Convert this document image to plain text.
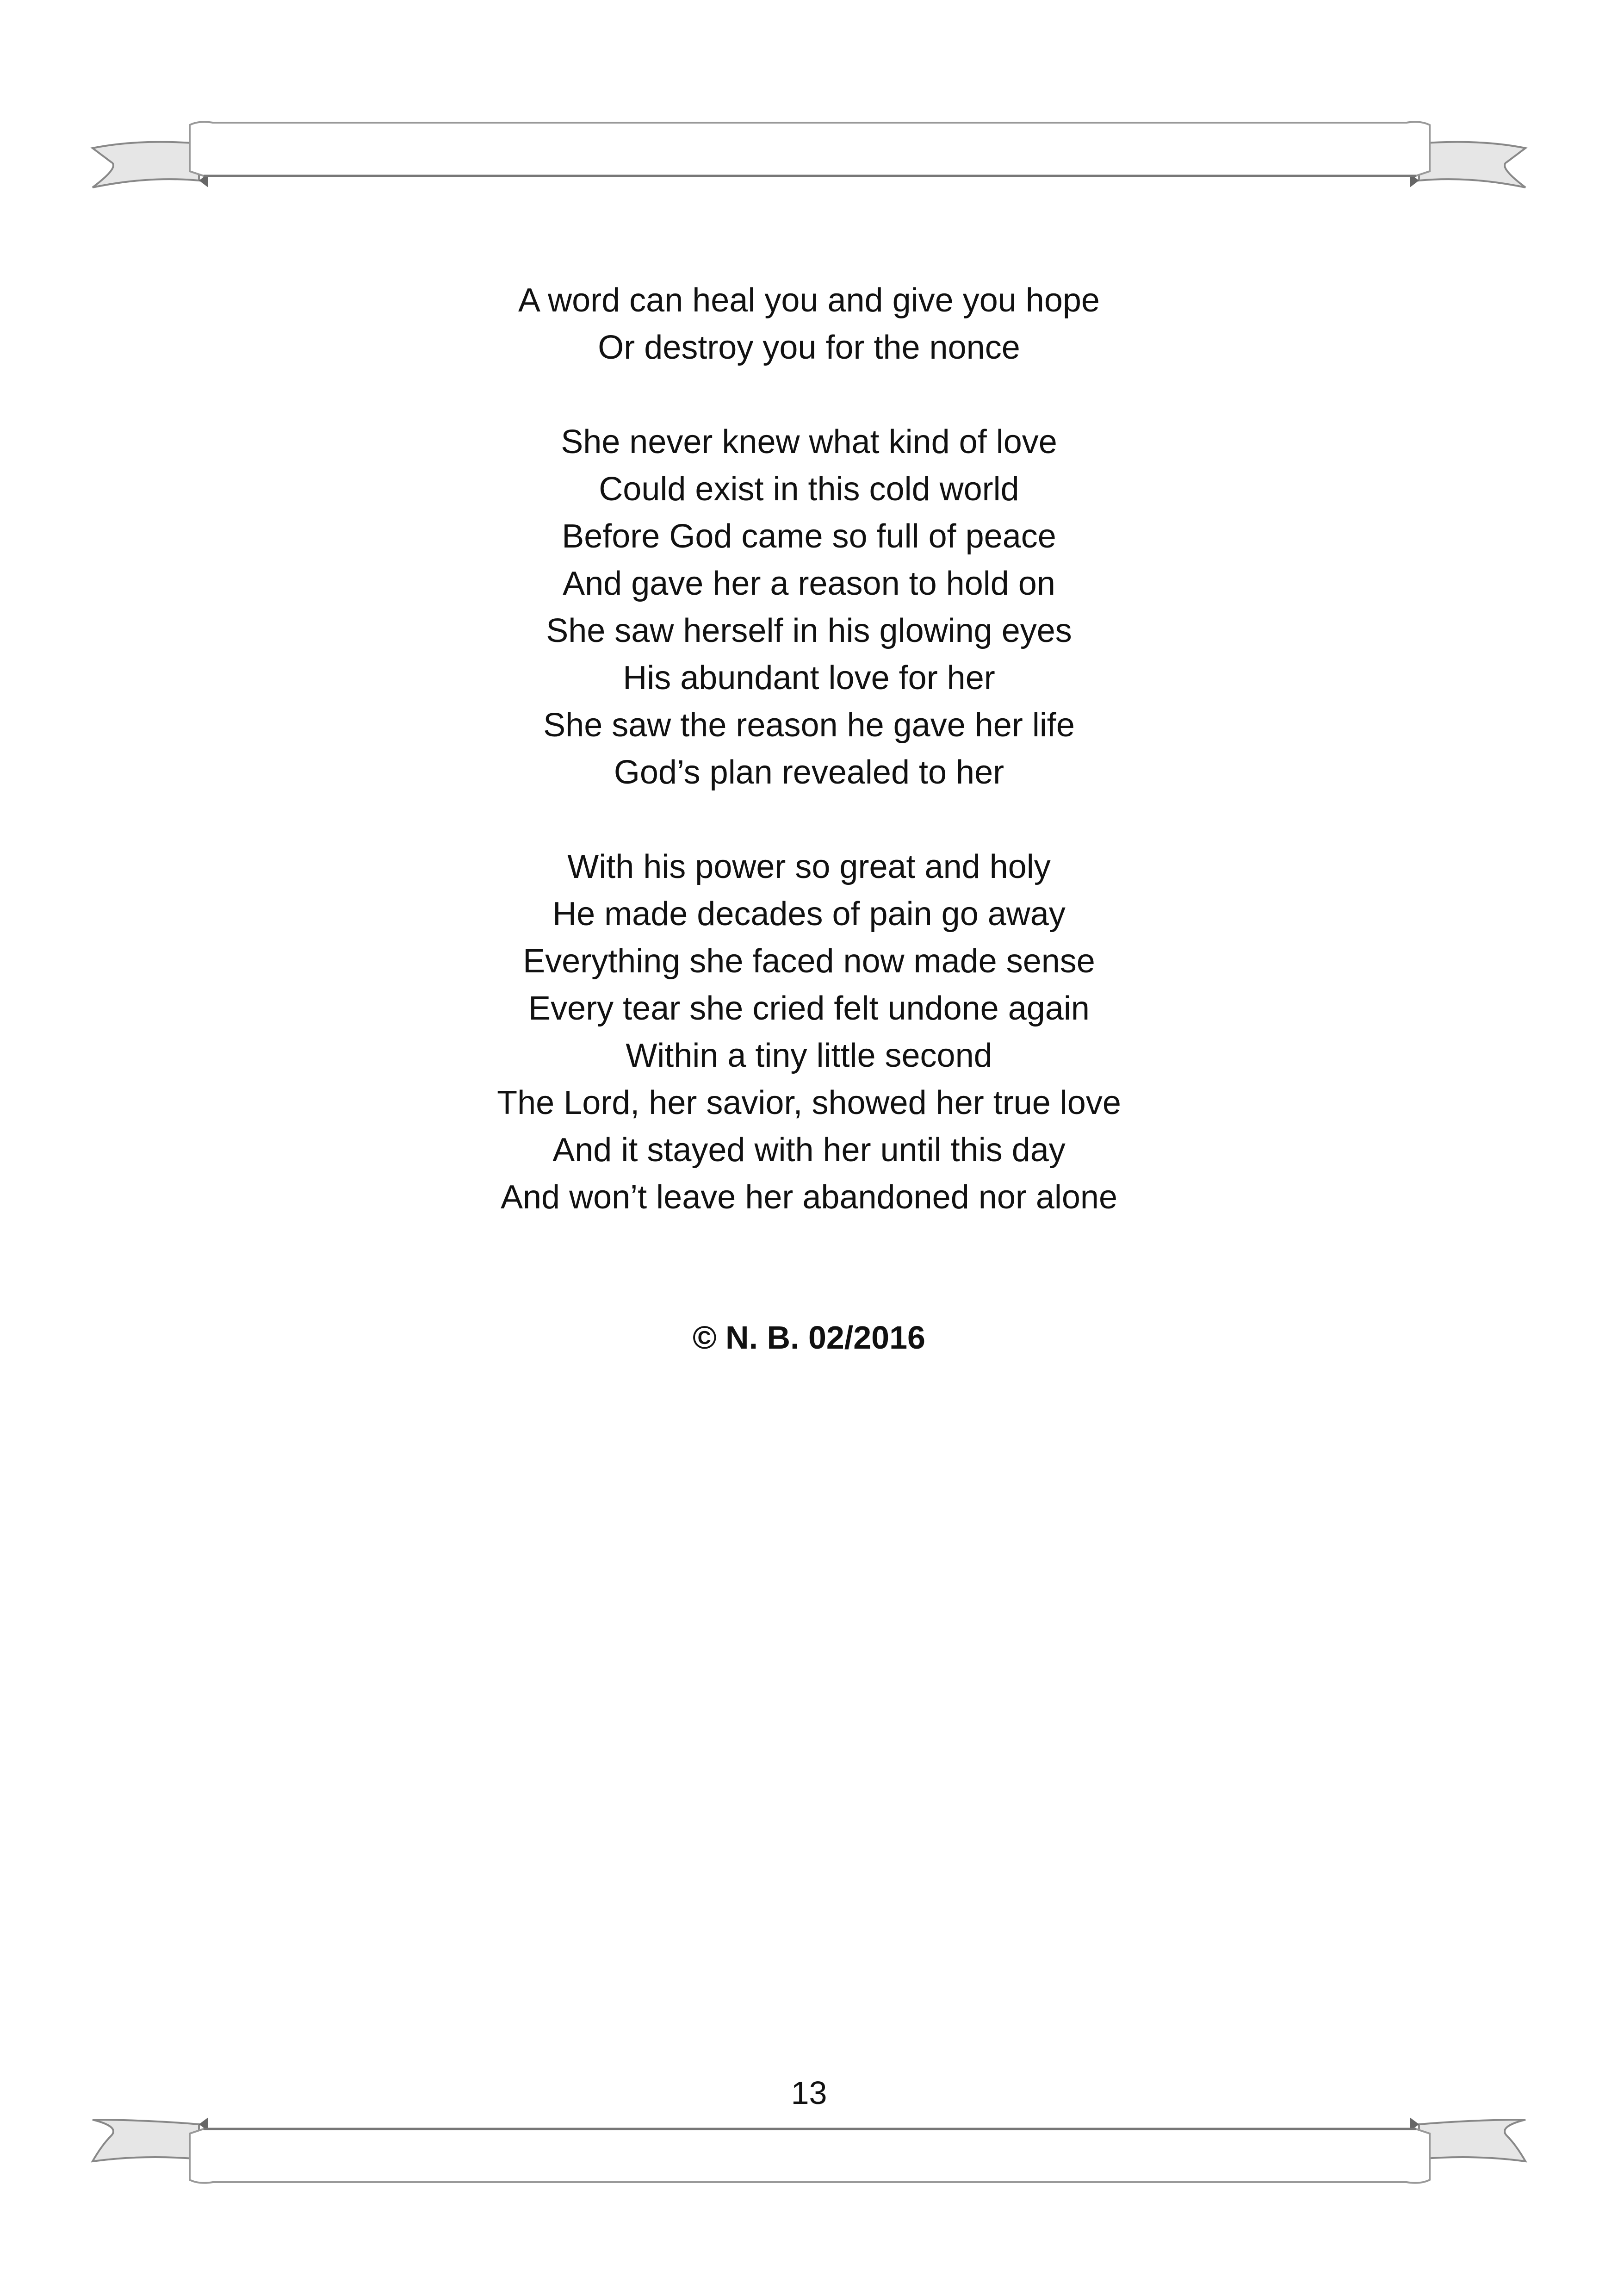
A word can heal you and give you hope
Or destroy you for the nonce
She never knew what kind of love
Could exist in this cold world
Before God came so full of peace
And gave her a reason to hold on
She saw herself in his glowing eyes
His abundant love for her
She saw the reason he gave her life
God’s plan revealed to her
With his power so great and holy
He made decades of pain go away
Everything she faced now made sense
Every tear she cried felt undone again
Within a tiny little second
The Lord, her savior, showed her true love
And it stayed with her until this day
And won’t leave her abandoned nor alone
© N. B. 02/2016
13
